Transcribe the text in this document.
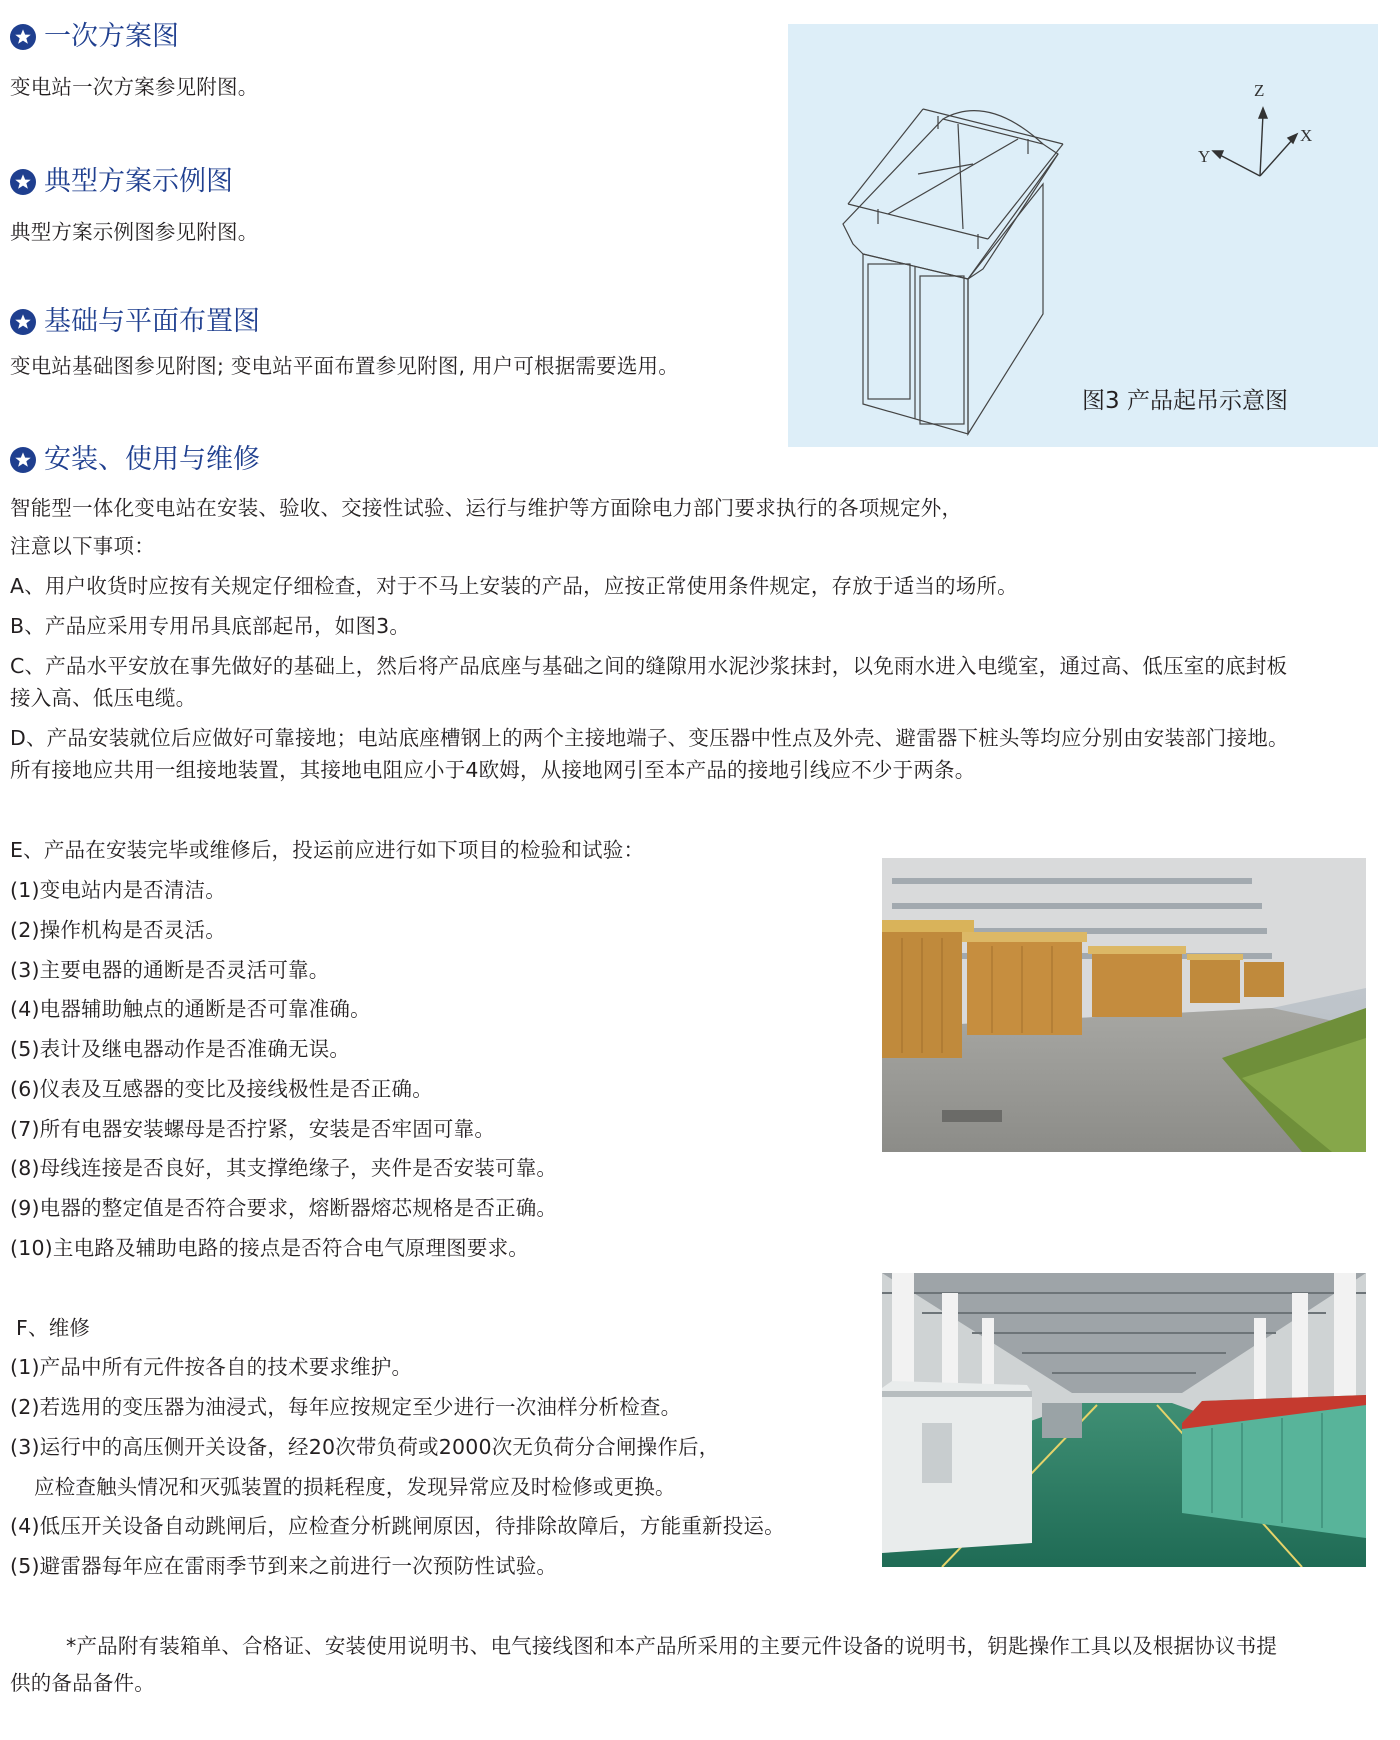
一次方案图
变电站一次方案参见附图。
典型方案示例图
典型方案示例图参见附图。
基础与平面布置图
变电站基础图参见附图; 变电站平面布置参见附图, 用户可根据需要选用。
安装、使用与维修
Z
X
Y
图3 产品起吊示意图
智能型一体化变电站在安装、验收、交接性试验、运行与维护等方面除电力部门要求执行的各项规定外，
注意以下事项：
A、用户收货时应按有关规定仔细检查，对于不马上安装的产品，应按正常使用条件规定，存放于适当的场所。
B、产品应采用专用吊具底部起吊，如图3。
C、产品水平安放在事先做好的基础上，然后将产品底座与基础之间的缝隙用水泥沙浆抹封，以免雨水进入电缆室，通过高、低压室的底封板
接入高、低压电缆。
D、产品安装就位后应做好可靠接地；电站底座槽钢上的两个主接地端子、变压器中性点及外壳、避雷器下桩头等均应分别由安装部门接地。
所有接地应共用一组接地装置，其接地电阻应小于4欧姆，从接地网引至本产品的接地引线应不少于两条。
E、产品在安装完毕或维修后，投运前应进行如下项目的检验和试验：
(1)变电站内是否清洁。
(2)操作机构是否灵活。
(3)主要电器的通断是否灵活可靠。
(4)电器辅助触点的通断是否可靠准确。
(5)表计及继电器动作是否准确无误。
(6)仪表及互感器的变比及接线极性是否正确。
(7)所有电器安装螺母是否拧紧，安装是否牢固可靠。
(8)母线连接是否良好，其支撑绝缘子，夹件是否安装可靠。
(9)电器的整定值是否符合要求，熔断器熔芯规格是否正确。
(10)主电路及辅助电路的接点是否符合电气原理图要求。
F、维修
(1)产品中所有元件按各自的技术要求维护。
(2)若选用的变压器为油浸式，每年应按规定至少进行一次油样分析检查。
(3)运行中的高压侧开关设备，经20次带负荷或2000次无负荷分合闸操作后，
应检查触头情况和灭弧装置的损耗程度，发现异常应及时检修或更换。
(4)低压开关设备自动跳闸后，应检查分析跳闸原因，待排除故障后，方能重新投运。
(5)避雷器每年应在雷雨季节到来之前进行一次预防性试验。
*产品附有装箱单、合格证、安装使用说明书、电气接线图和本产品所采用的主要元件设备的说明书，钥匙操作工具以及根据协议书提
供的备品备件。
